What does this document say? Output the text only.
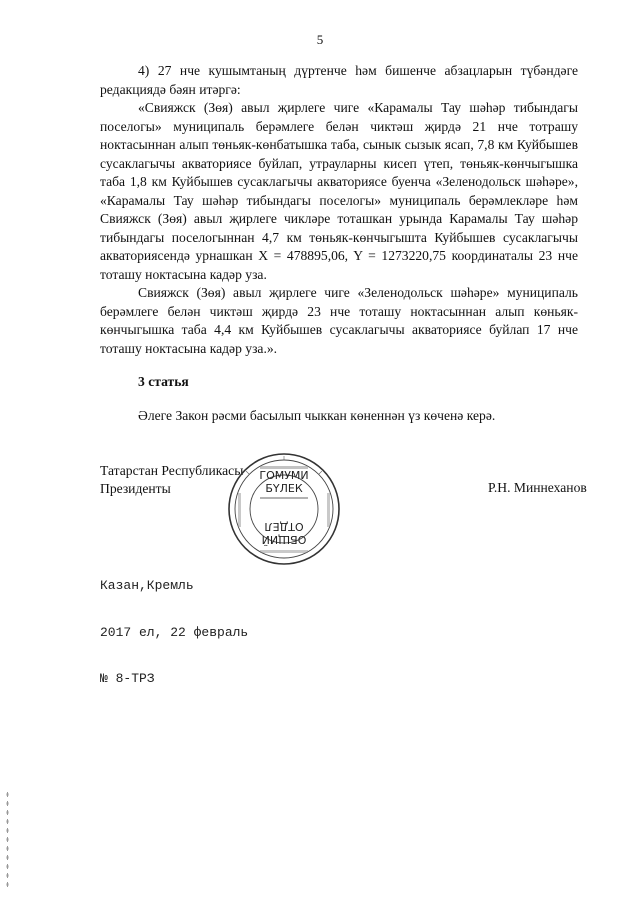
5

4) 27 нче кушымтаның дүртенче һәм бишенче абзацларын түбәндәге редакциядә бәян итәргә:

«Свияжск (Зөя) авыл җирлеге чиге «Карамалы Тау шәһәр тибындагы поселогы» муниципаль берәмлеге белән чиктәш җирдә 21 нче тотрашу ноктасыннан алып төньяк-көнбатышка таба, сынык сызык ясап, 7,8 км Куйбышев сусаклагычы акваториясе буйлап, утрауларны кисеп үтеп, төньяк-көнчыгышка таба 1,8 км Куйбышев сусаклагычы акваториясе буенча «Зеленодольск шәһәре», «Карамалы Тау шәһәр тибындагы поселогы» муниципаль берәмлекләре һәм Свияжск (Зөя) авыл җирлеге чикләре тоташкан урында Карамалы Тау шәһәр тибындагы поселогыннан 4,7 км төньяк-көнчыгышта Куйбышев сусаклагычы акваториясендә урнашкан X = 478895,06, Y = 1273220,75 координаталы 23 нче тоташу ноктасына кадәр уза.

Свияжск (Зөя) авыл җирлеге чиге «Зеленодольск шәһәре» муниципаль берәмлеге белән чиктәш җирдә 23 нче тоташу ноктасыннан алып көньяк-көнчыгышка таба 4,4 км Куйбышев сусаклагычы акваториясе буйлап 17 нче тоташу ноктасына кадәр уза.».

3 статья
Әлеге Закон рәсми басылып чыккан көненнән үз көченә керә.
Татарстан Республикасы
Президенты	Р.Н. Миннеханов
ГОМУМИ
БҮЛЕК
ОБЩИЙ
ОТДЕЛ

Казан,Кремль

2017 ел, 22 февраль

№ 8-ТРЗ
